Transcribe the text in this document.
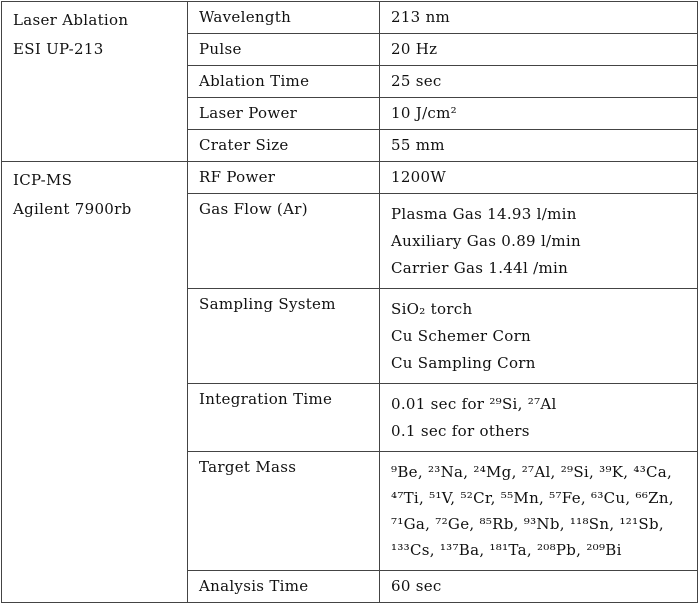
Laser Ablation
ESI UP-213	Wavelength	213 nm
	Pulse	20 Hz
	Ablation Time	25 sec
	Laser Power	10 J/cm²
	Crater Size	55 mm

ICP-MS
Agilent 7900rb	RF Power	1200W
	Gas Flow (Ar)	Plasma Gas 14.93 l/min
Auxiliary Gas 0.89 l/min
Carrier Gas 1.44l /min

	Sampling System	SiO₂ torch
Cu Schemer Corn
Cu Sampling Corn

	Integration Time	0.01 sec for ²⁹Si, ²⁷Al
0.1 sec for others

	Target Mass	⁹Be, ²³Na, ²⁴Mg, ²⁷Al, ²⁹Si, ³⁹K, ⁴³Ca,
⁴⁷Ti, ⁵¹V, ⁵²Cr, ⁵⁵Mn, ⁵⁷Fe, ⁶³Cu, ⁶⁶Zn,
⁷¹Ga, ⁷²Ge, ⁸⁵Rb, ⁹³Nb, ¹¹⁸Sn, ¹²¹Sb,
¹³³Cs, ¹³⁷Ba, ¹⁸¹Ta, ²⁰⁸Pb, ²⁰⁹Bi

	Analysis Time	60 sec
